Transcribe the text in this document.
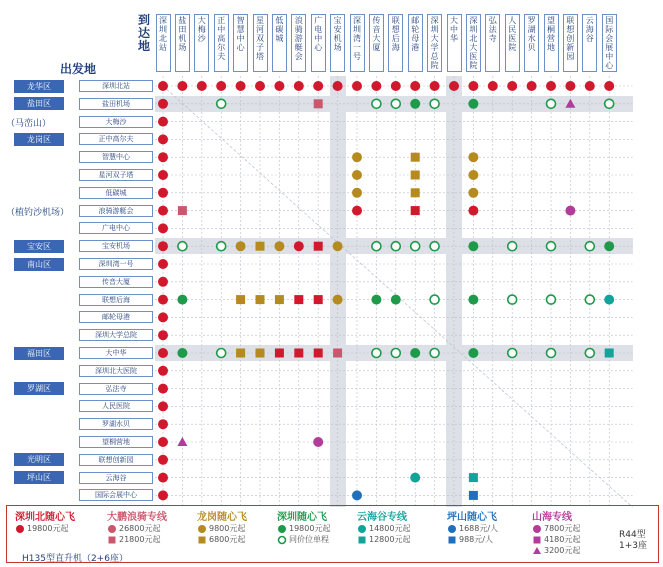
到达地
出发地
深
圳
北
站
盐
田
机
场
大
梅
沙
正
中
高
尔
夫
智
慧
中
心
星
河
双
子
塔
低
碳
城
浪
骑
游
艇
会
广
电
中
心
宝
安
机
场
深
圳
湾
一
号
传
音
大
厦
联
想
后
海
邮
轮
母
港
深
圳
大
学
总
院
大
中
华
深
圳
北
大
医
院
弘
法
寺
人
民
医
院
罗
湖
水
贝
望
桐
营
地
联
想
创
新
园
云
海
谷
国
际
会
展
中
心
深圳北站
龙华区
盐田机场
盐田区
大梅沙
（马峦山）
正中高尔夫
龙岗区
智慧中心
星河双子塔
低碳城
浪骑游艇会
（植钓沙机场）
广电中心
宝安机场
宝安区
深圳湾一号
南山区
传音大厦
联想后海
邮轮母港
深圳大学总院
大中华
福田区
深圳北大医院
弘法寺
罗湖区
人民医院
罗湖水贝
望桐营地
联想创新园
光明区
云海谷
坪山区
国际会展中心
深圳北随心飞
19800元起
大鹏浪骑专线
26800元起
21800元起
龙岗随心飞
9800元起
6800元起
深圳随心飞
19800元起
同价位单程
云海谷专线
14800元起
12800元起
坪山随心飞
1688元/人
988元/人
山海专线
7800元起
4180元起
3200元起
R44型
1+3座
H135型直升机（2+6座）
